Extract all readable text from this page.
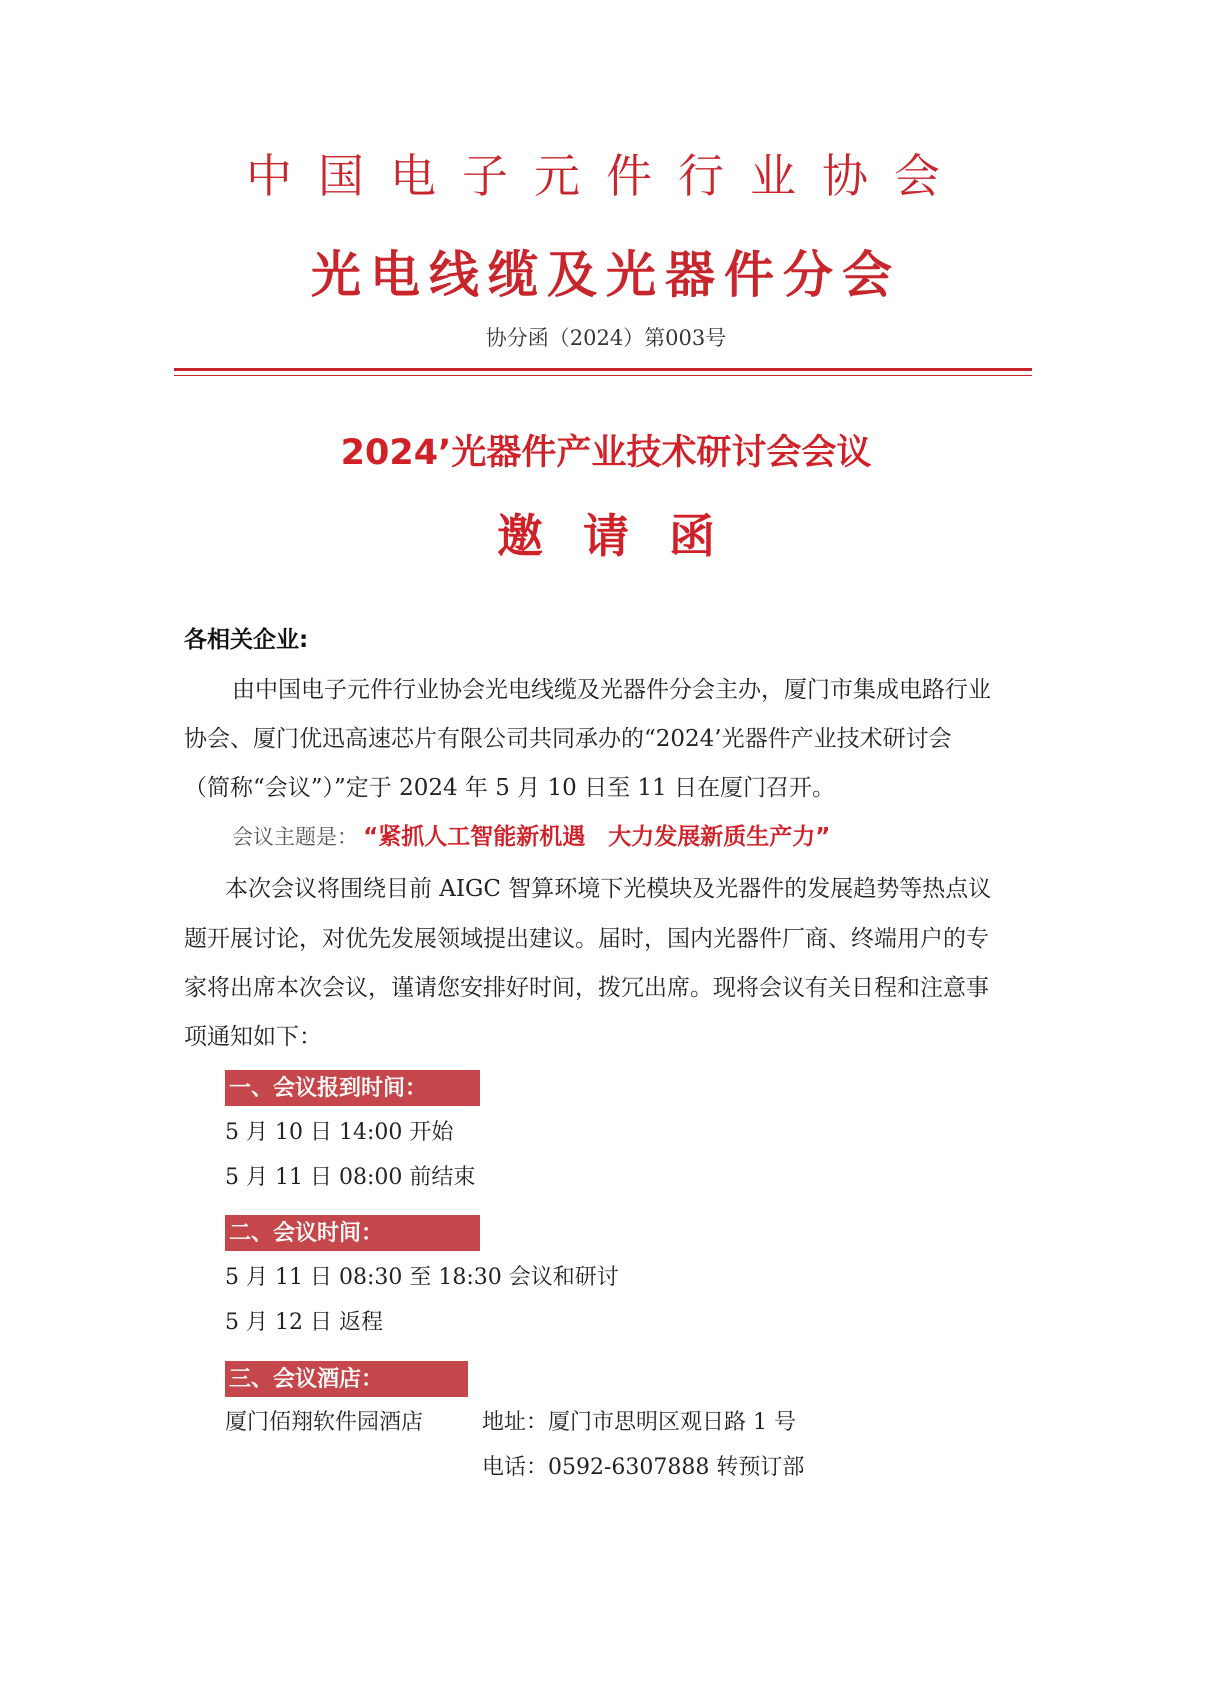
中国电子元件行业协会
光电线缆及光器件分会
协分函（2024）第003号
2024’光器件产业技术研讨会会议
邀请函
各相关企业:
由中国电子元件行业协会光电线缆及光器件分会主办，厦门市集成电路行业
协会、厦门优迅高速芯片有限公司共同承办的“2024’光器件产业技术研讨会
（简称“会议”）”定于 2024 年 5 月 10 日至 11 日在厦门召开。
会议主题是： “紧抓人工智能新机遇　大力发展新质生产力”
本次会议将围绕目前 AIGC 智算环境下光模块及光器件的发展趋势等热点议
题开展讨论，对优先发展领域提出建议。届时，国内光器件厂商、终端用户的专
家将出席本次会议，谨请您安排好时间，拨冗出席。现将会议有关日程和注意事
项通知如下：
一、会议报到时间：
5 月 10 日 14:00 开始
5 月 11 日 08:00 前结束
二、会议时间：
5 月 11 日 08:30 至 18:30 会议和研讨
5 月 12 日 返程
三、会议酒店：
厦门佰翔软件园酒店	地址：厦门市思明区观日路 1 号
电话：0592-6307888 转预订部
